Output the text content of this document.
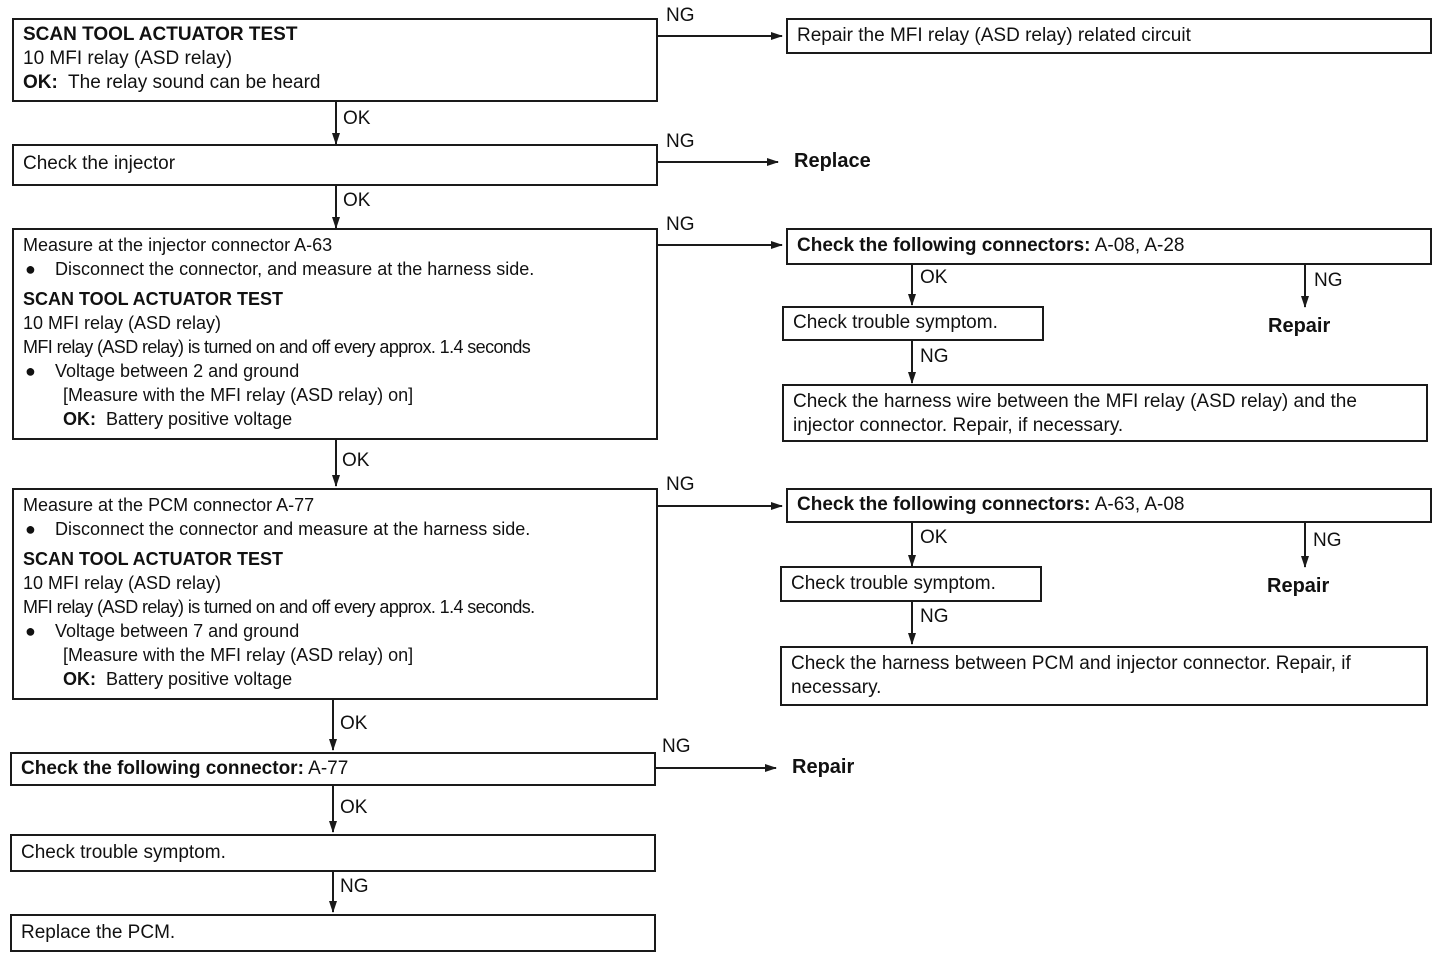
SCAN TOOL ACTUATOR TEST
10 MFI relay (ASD relay)
OK: The relay sound can be heard
Check the injector
Measure at the injector connector A-63
● Disconnect the connector, and measure at the harness side.
SCAN TOOL ACTUATOR TEST
10 MFI relay (ASD relay)
MFI relay (ASD relay) is turned on and off every approx. 1.4 seconds
● Voltage between 2 and ground
[Measure with the MFI relay (ASD relay) on]
OK: Battery positive voltage
Measure at the PCM connector A-77
● Disconnect the connector and measure at the harness side.
SCAN TOOL ACTUATOR TEST
10 MFI relay (ASD relay)
MFI relay (ASD relay) is turned on and off every approx. 1.4 seconds.
● Voltage between 7 and ground
[Measure with the MFI relay (ASD relay) on]
OK: Battery positive voltage
Check the following connector: A-77
Check trouble symptom.
Replace the PCM.
Repair the MFI relay (ASD relay) related circuit
Replace
Check the following connectors: A-08, A-28
Check trouble symptom.	Repair
Check the harness wire between the MFI relay (ASD relay) and the injector connector. Repair, if necessary.
Check the following connectors: A-63, A-08
Check trouble symptom.	Repair
Check the harness between PCM and injector connector. Repair, if necessary.
Repair
OK
OK
OK
OK
OK
NG
NG
NG
NG
NG
NG
OK	NG
NG
OK	NG
NG
